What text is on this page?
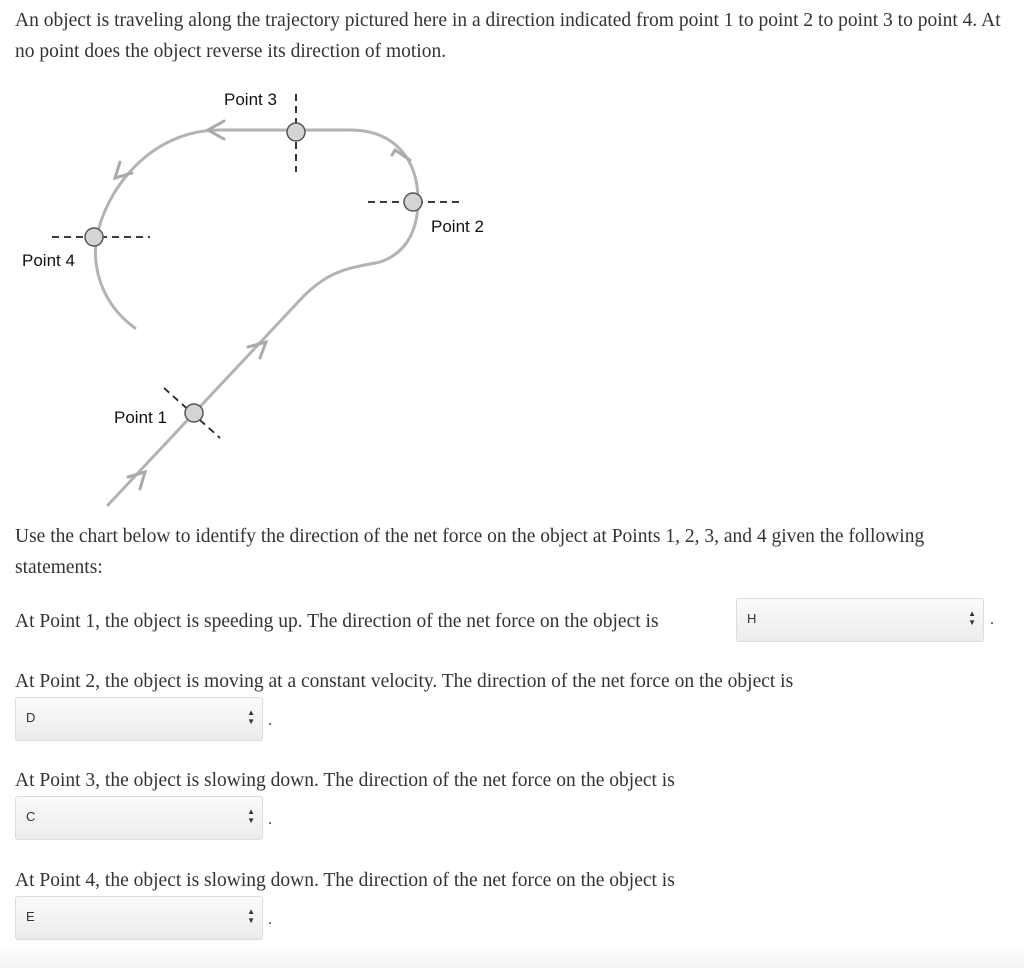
An object is traveling along the trajectory pictured here in a direction indicated from point 1 to point 2 to point 3 to point 4. At no point does the object reverse its direction of motion.

Point 3
Point 2
Point 4
Point 1

Use the chart below to identify the direction of the net force on the object at Points 1, 2, 3, and 4 given the following statements:

At Point 1, the object is speeding up. The direction of the net force on the object is	H	▲
▼ .

At Point 2, the object is moving at a constant velocity. The direction of the net force on the object is

D	▲
▼ .

At Point 3, the object is slowing down. The direction of the net force on the object is

C	▲
▼ .

At Point 4, the object is slowing down. The direction of the net force on the object is

E	▲
▼ .
